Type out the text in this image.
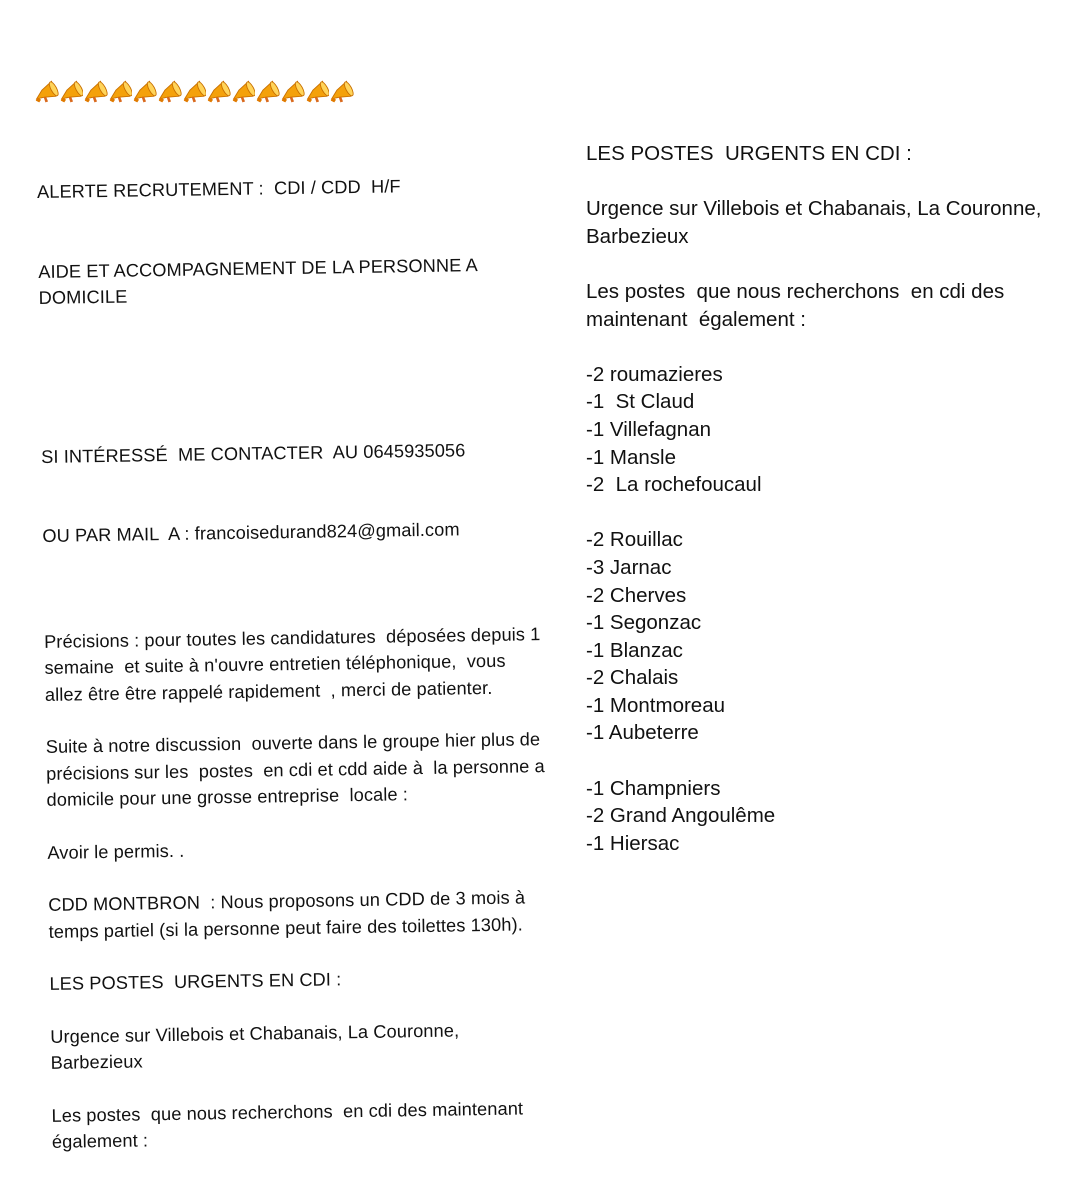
ALERTE RECRUTEMENT :  CDI / CDD  H/F

AIDE ET ACCOMPAGNEMENT DE LA PERSONNE A DOMICILE

SI INTÉRESSÉ  ME CONTACTER  AU 0645935056

OU PAR MAIL  A : francoisedurand824@gmail.com

Précisions : pour toutes les candidatures  déposées depuis 1 semaine  et suite à n'ouvre entretien téléphonique,  vous allez être être rappelé rapidement  , merci de patienter.
Suite à notre discussion  ouverte dans le groupe hier plus de précisions sur les  postes  en cdi et cdd aide à  la personne a domicile pour une grosse entreprise  locale :
Avoir le permis. .
CDD MONTBRON  : Nous proposons un CDD de 3 mois à temps partiel (si la personne peut faire des toilettes 130h).
LES POSTES  URGENTS EN CDI :
Urgence sur Villebois et Chabanais, La Couronne, Barbezieux
Les postes  que nous recherchons  en cdi des maintenant  également :
LES POSTES  URGENTS EN CDI :
Urgence sur Villebois et Chabanais, La Couronne, Barbezieux
Les postes  que nous recherchons  en cdi des maintenant  également :
-2 roumazieres
-1  St Claud
-1 Villefagnan
-1 Mansle
-2  La rochefoucaul
-2 Rouillac
-3 Jarnac
-2 Cherves
-1 Segonzac
-1 Blanzac
-2 Chalais
-1 Montmoreau
-1 Aubeterre
-1 Champniers
-2 Grand Angoulême
-1 Hiersac
